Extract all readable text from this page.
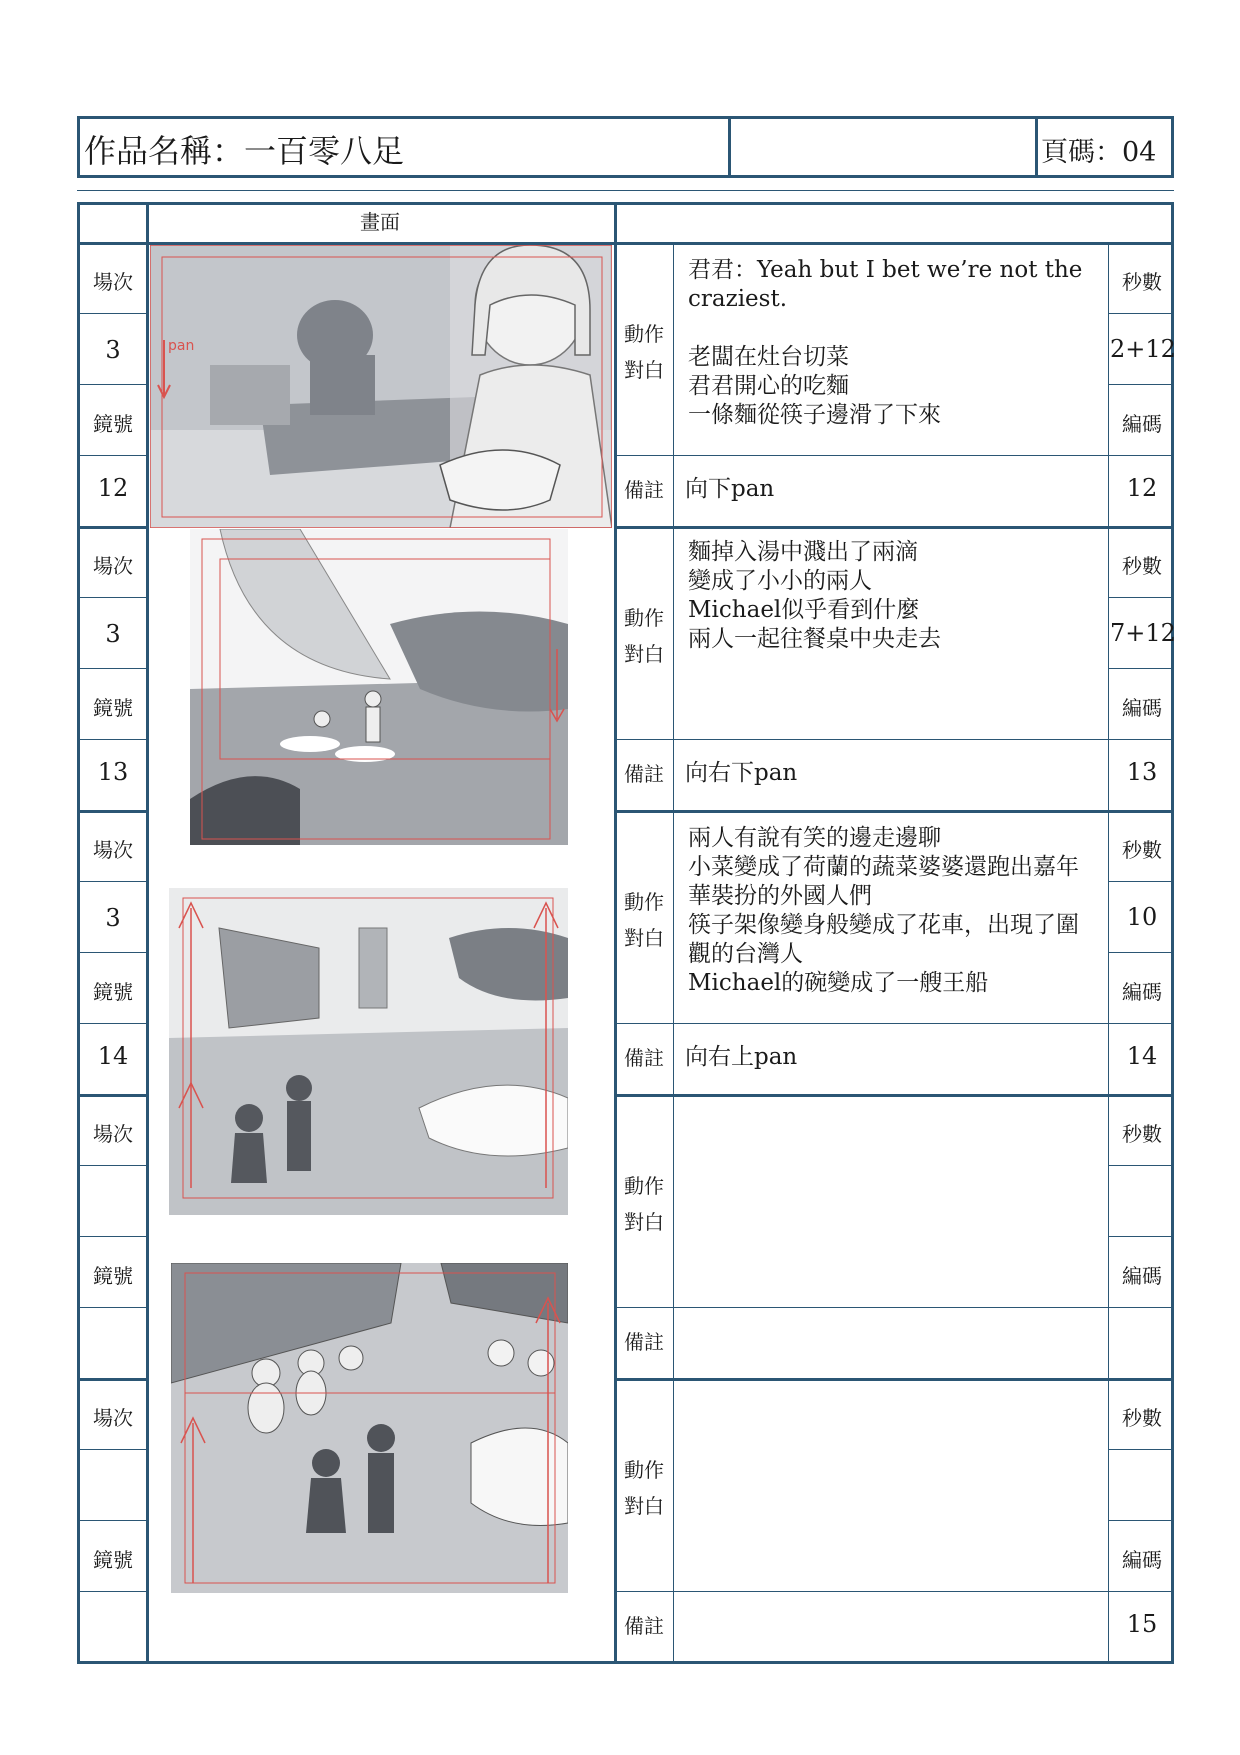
作品名稱：一百零八足	頁碼：04
畫面
場次
3
鏡號
12
動作
對白
君君：Yeah but I bet we’re not the
craziest.
老闆在灶台切菜
君君開心的吃麵
一條麵從筷子邊滑了下來
備註 向下pan
秒數
2+12
編碼
12
場次
3
鏡號
13
動作
對白
麵掉入湯中濺出了兩滴
變成了小小的兩人
Michael似乎看到什麼
兩人一起往餐桌中央走去
備註 向右下pan
秒數
7+12
編碼
13
場次
3
鏡號
14
動作
對白
兩人有說有笑的邊走邊聊
小菜變成了荷蘭的蔬菜婆婆還跑出嘉年
華裝扮的外國人們
筷子架像變身般變成了花車，出現了圍
觀的台灣人
Michael的碗變成了一艘王船
備註 向右上pan
秒數
10
編碼
14
場次
鏡號
動作
對白
備註
秒數
編碼
場次
鏡號
動作
對白
備註
秒數
編碼
15
pan
